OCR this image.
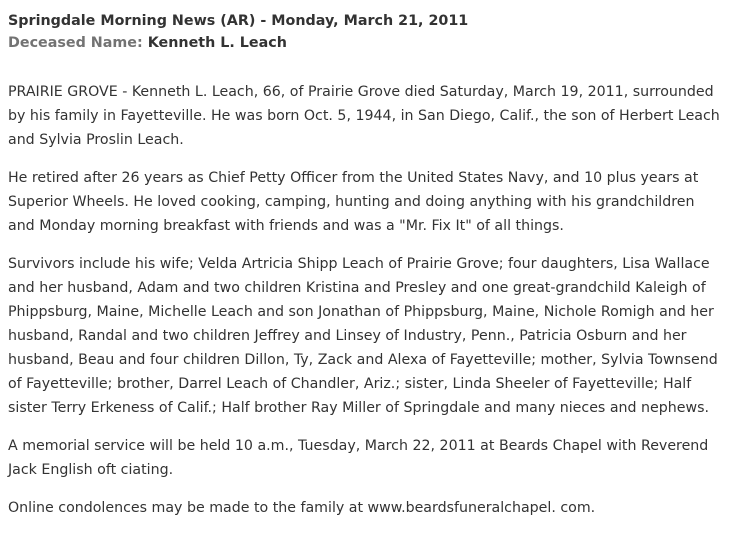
Springdale Morning News (AR) - Monday, March 21, 2011
Deceased Name: Kenneth L. Leach

PRAIRIE GROVE - Kenneth L. Leach, 66, of Prairie Grove died Saturday, March 19, 2011, surrounded by his family in Fayetteville. He was born Oct. 5, 1944, in San Diego, Calif., the son of Herbert Leach and Sylvia Proslin Leach.

He retired after 26 years as Chief Petty Officer from the United States Navy, and 10 plus years at Superior Wheels. He loved cooking, camping, hunting and doing anything with his grandchildren and Monday morning breakfast with friends and was a "Mr. Fix It" of all things.

Survivors include his wife; Velda Artricia Shipp Leach of Prairie Grove; four daughters, Lisa Wallace and her husband, Adam and two children Kristina and Presley and one great-grandchild Kaleigh of Phippsburg, Maine, Michelle Leach and son Jonathan of Phippsburg, Maine, Nichole Romigh and her husband, Randal and two children Jeffrey and Linsey of Industry, Penn., Patricia Osburn and her husband, Beau and four children Dillon, Ty, Zack and Alexa of Fayetteville; mother, Sylvia Townsend of Fayetteville; brother, Darrel Leach of Chandler, Ariz.; sister, Linda Sheeler of Fayetteville; Half sister Terry Erkeness of Calif.; Half brother Ray Miller of Springdale and many nieces and nephews.

A memorial service will be held 10 a.m., Tuesday, March 22, 2011 at Beards Chapel with Reverend Jack English oft ciating.

Online condolences may be made to the family at www.beardsfuneralchapel. com.
